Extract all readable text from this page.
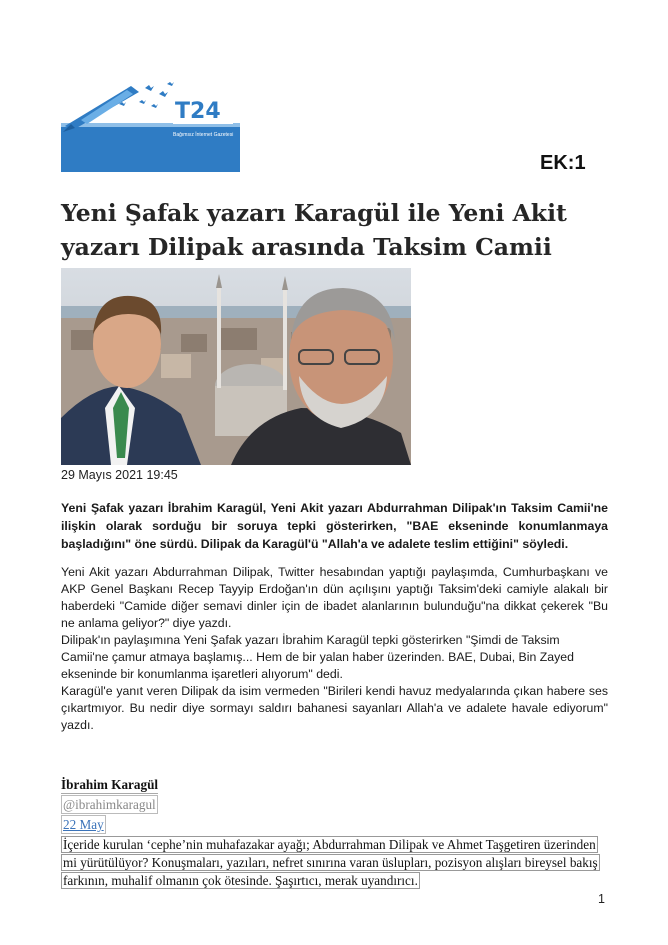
T24
Bağımsız İnternet Gazetesi
EK:1
Yeni Şafak yazarı Karagül ile Yeni Akit yazarı Dilipak arasında Taksim Camii
29 Mayıs 2021 19:45

Yeni Şafak yazarı İbrahim Karagül, Yeni Akit yazarı Abdurrahman Dilipak'ın Taksim Camii'ne ilişkin olarak sorduğu bir soruya tepki gösterirken, "BAE ekseninde konumlanmaya başladığını" öne sürdü. Dilipak da Karagül'ü "Allah'a ve adalete teslim ettiğini" söyledi.

Yeni Akit yazarı Abdurrahman Dilipak, Twitter hesabından yaptığı paylaşımda, Cumhurbaşkanı ve AKP Genel Başkanı Recep Tayyip Erdoğan'ın dün açılışını yaptığı Taksim'deki camiyle alakalı bir haberdeki "Camide diğer semavi dinler için de ibadet alanlarının bulunduğu"na dikkat çekerek "Bu ne anlama geliyor?" diye yazdı.

Dilipak'ın paylaşımına Yeni Şafak yazarı İbrahim Karagül tepki gösterirken "Şimdi de Taksim Camii'ne çamur atmaya başlamış... Hem de bir yalan haber üzerinden. BAE, Dubai, Bin Zayed ekseninde bir konumlanma işaretleri alıyorum" dedi.

Karagül'e yanıt veren Dilipak da isim vermeden "Birileri kendi havuz medyalarında çıkan habere ses çıkartmıyor. Bu nedir diye sormayı saldırı bahanesi sayanları Allah'a ve adalete havale ediyorum" yazdı.

İbrahim Karagül
@ibrahimkaragul
22 May
İçeride kurulan ‘cephe’nin muhafazakar ayağı; Abdurrahman Dilipak ve Ahmet Taşgetiren üzerinden mi yürütülüyor? Konuşmaları, yazıları, nefret sınırına varan üslupları, pozisyon alışları bireysel bakış farkının, muhalif olmanın çok ötesinde. Şaşırtıcı, merak uyandırıcı.
1
